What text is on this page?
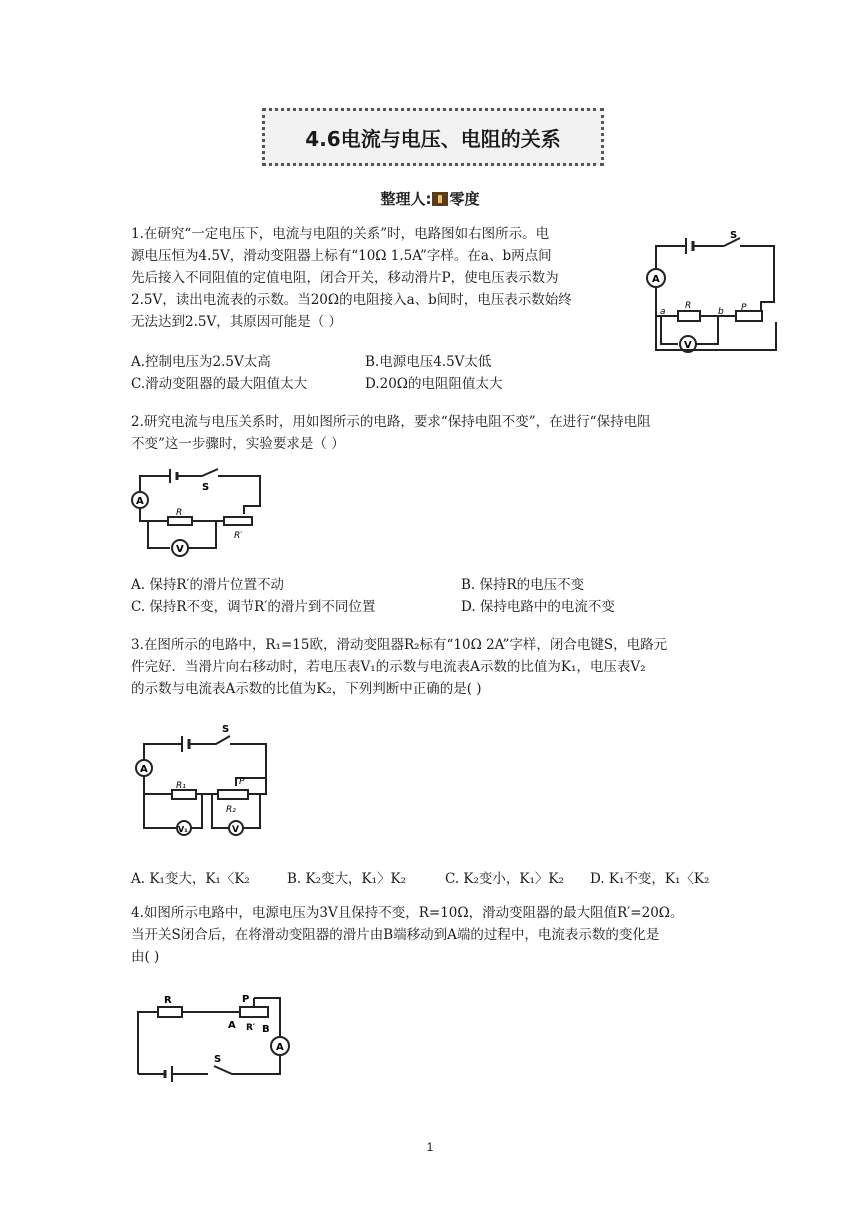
4.6电流与电压、电阻的关系
整理人: 零度
1.在研究“一定电压下，电流与电阻的关系”时，电路图如右图所示。电
源电压恒为4.5V，滑动变阻器上标有“10Ω 1.5A”字样。在a、b两点间
先后接入不同阻值的定值电阻，闭合开关，移动滑片P，使电压表示数为
2.5V，读出电流表的示数。当20Ω的电阻接入a、b间时，电压表示数始终
无法达到2.5V，其原因可能是（ ）
A.控制电压为2.5V太高	B.电源电压4.5V太低
C.滑动变阻器的最大阻值太大	D.20Ω的电阻阻值太大
A
S
a
R
b P
V
2.研究电流与电压关系时，用如图所示的电路，要求“保持电阻不变”，在进行“保持电阻
不变”这一步骤时，实验要求是（ ）
A
S
R
R′
V
A. 保持R′的滑片位置不动	B. 保持R的电压不变
C. 保持R不变，调节R′的滑片到不同位置	D. 保持电路中的电流不变
3.在图所示的电路中，R₁=15欧，滑动变阻器R₂标有“10Ω 2A”字样，闭合电键S，电路元
件完好．当滑片向右移动时，若电压表V₁的示数与电流表A示数的比值为K₁，电压表V₂
的示数与电流表A示数的比值为K₂，下列判断中正确的是( )
A
S
R₁
R₂
P
V₁	V
A. K₁变大，K₁〈K₂	B. K₂变大，K₁〉K₂	C. K₂变小，K₁〉K₂ D. K₁不变，K₁〈K₂
4.如图所示电路中，电源电压为3V且保持不变，R=10Ω，滑动变阻器的最大阻值R′=20Ω。
当开关S闭合后，在将滑动变阻器的滑片由B端移动到A端的过程中，电流表示数的变化是
由( )
R	P
A R′ B
A
S
1
